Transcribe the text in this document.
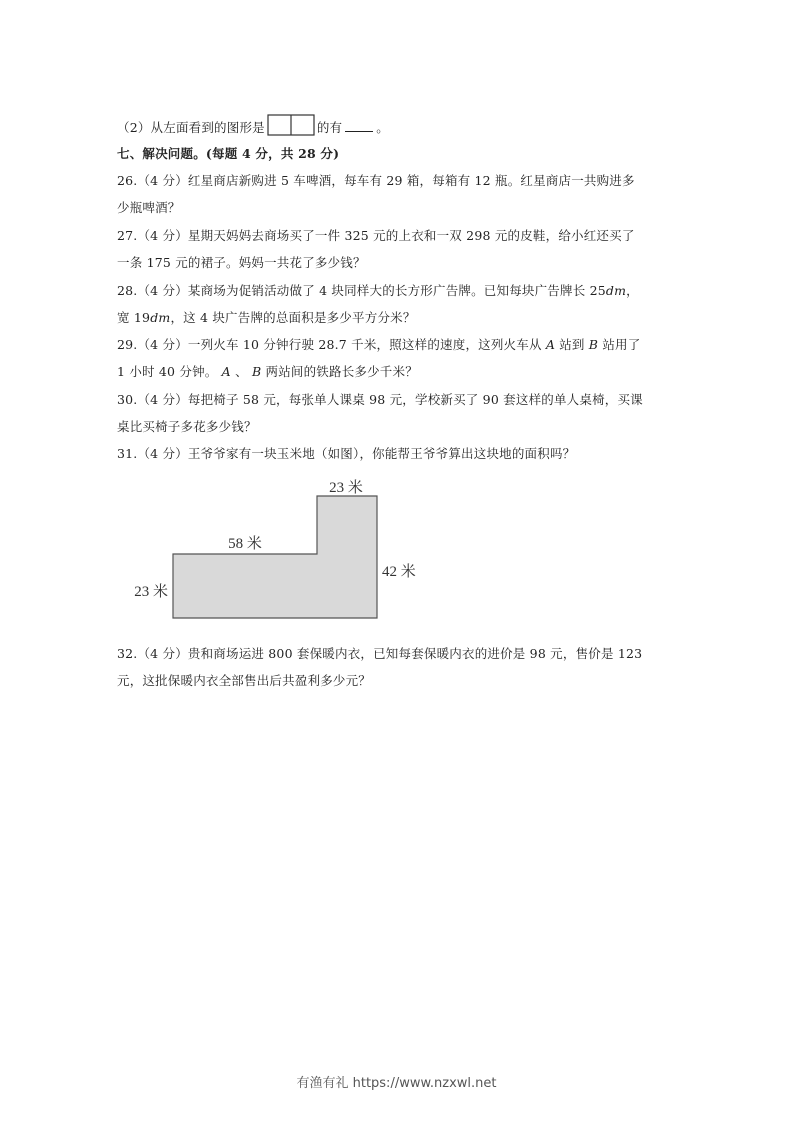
（2）从左面看到的图形是	的有	。
七、解决问题。(每题 4 分，共 28 分)
26.（4 分）红星商店新购进 5 车啤酒，每车有 29 箱，每箱有 12 瓶。红星商店一共购进多
少瓶啤酒？
27.（4 分）星期天妈妈去商场买了一件 325 元的上衣和一双 298 元的皮鞋，给小红还买了
一条 175 元的裙子。妈妈一共花了多少钱？
28.（4 分）某商场为促销活动做了 4 块同样大的长方形广告牌。已知每块广告牌长 25dm，
宽 19dm，这 4 块广告牌的总面积是多少平方分米？
29.（4 分）一列火车 10 分钟行驶 28.7 千米，照这样的速度，这列火车从 A 站到 B 站用了
1 小时 40 分钟。 A 、 B 两站间的铁路长多少千米？
30.（4 分）每把椅子 58 元，每张单人课桌 98 元，学校新买了 90 套这样的单人桌椅，买课
桌比买椅子多花多少钱？
31.（4 分）王爷爷家有一块玉米地（如图），你能帮王爷爷算出这块地的面积吗？
23 米
58 米
42 米
23 米
32.（4 分）贵和商场运进 800 套保暖内衣，已知每套保暖内衣的进价是 98 元，售价是 123
元，这批保暖内衣全部售出后共盈利多少元？
有渔有礼 https://www.nzxwl.net
